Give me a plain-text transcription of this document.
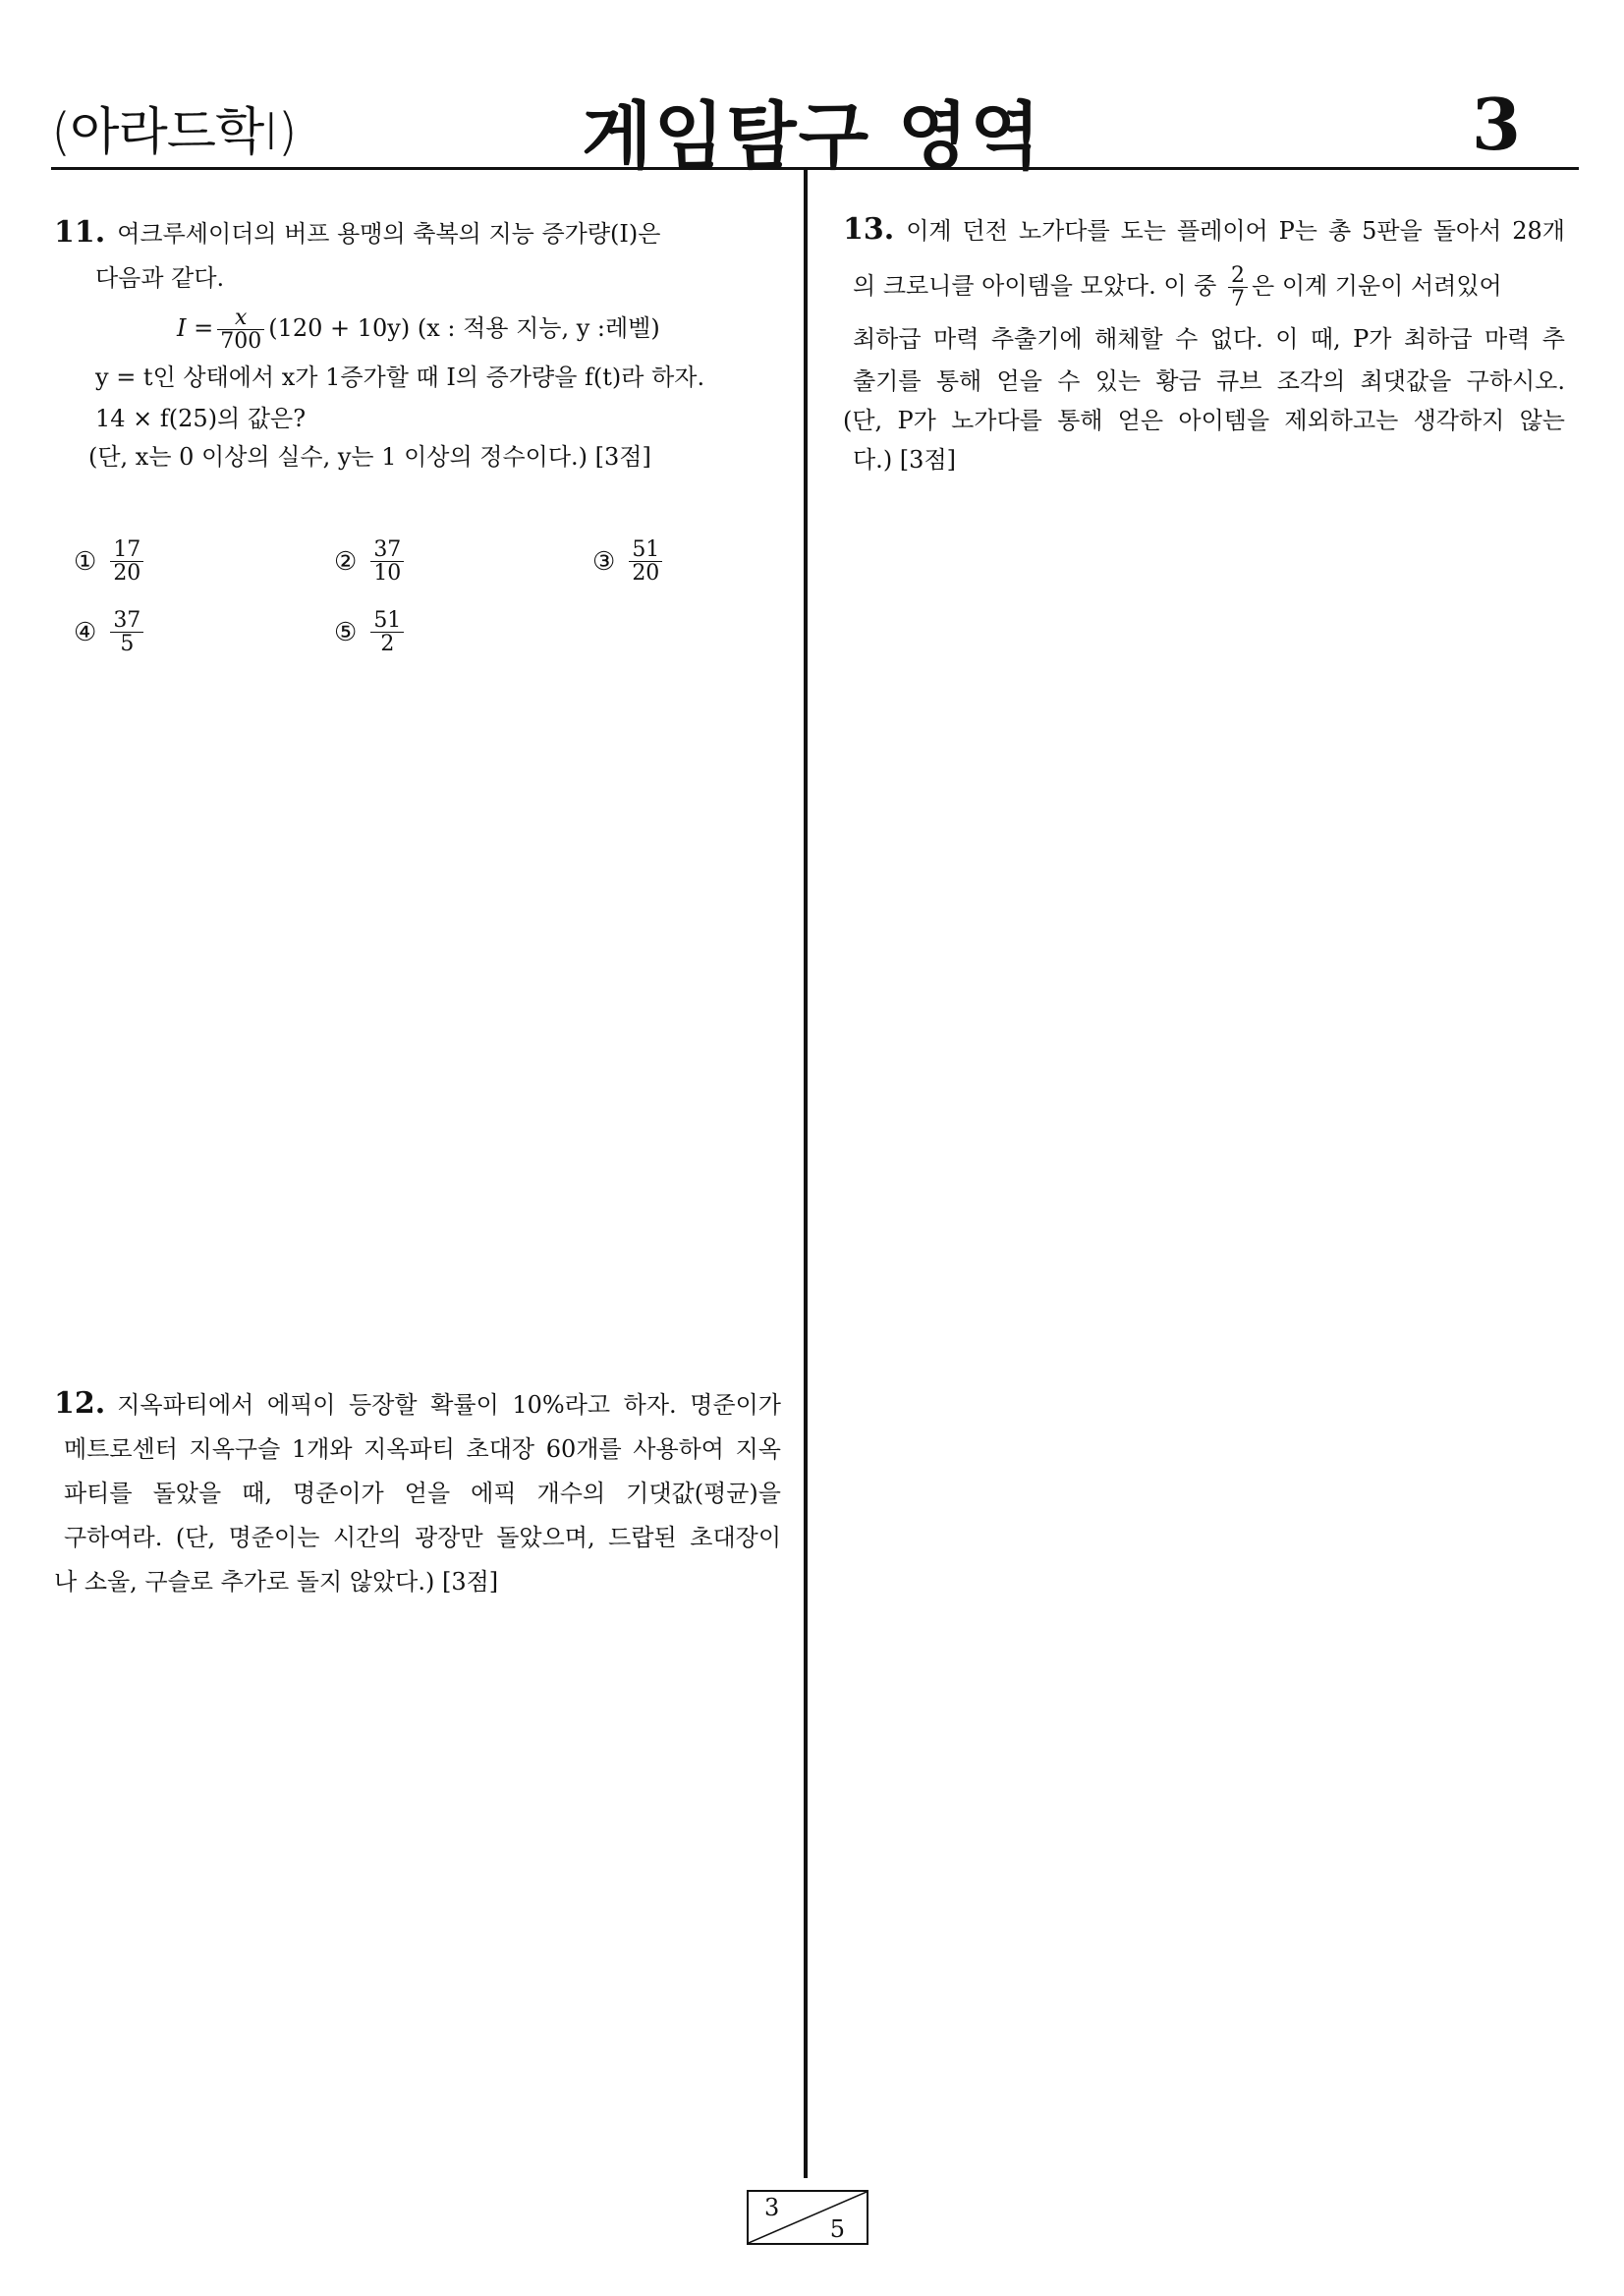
(아라드학Ⅰ)	게임탐구 영역	3

11. 여크루세이더의 버프 용맹의 축복의 지능 증가량(I)은

다음과 같다.

$I = \frac{x}{700} (120 + 10y)$ (x : 적용 지능, y :레벨)

y = t인 상태에서 x가 1증가할 때 I의 증가량을 f(t)라 하자.

14 × f(25)의 값은?

(단, x는 0 이상의 실수, y는 1 이상의 정수이다.) [3점]

① $\frac{17}{20}$	② $\frac{37}{10}$	③ $\frac{51}{20}$
④ $\frac{37}{5}$	⑤ $\frac{51}{2}$

12. 지옥파티에서 에픽이 등장할 확률이 10%라고 하자. 명준이가

메트로센터 지옥구슬 1개와 지옥파티 초대장 60개를 사용하여 지옥

파티를 돌았을 때, 명준이가 얻을 에픽 개수의 기댓값(평균)을

구하여라. (단, 명준이는 시간의 광장만 돌았으며, 드랍된 초대장이

나 소울, 구슬로 추가로 돌지 않았다.) [3점]

13. 이계 던전 노가다를 도는 플레이어 P는 총 5판을 돌아서 28개

의 크로니클 아이템을 모았다. 이 중 $\frac{2}{7}$ 은 이계 기운이 서려있어

최하급 마력 추출기에 해체할 수 없다. 이 때, P가 최하급 마력 추

출기를 통해 얻을 수 있는 황금 큐브 조각의 최댓값을 구하시오.

(단, P가 노가다를 통해 얻은 아이템을 제외하고는 생각하지 않는

다.) [3점]

3
5
